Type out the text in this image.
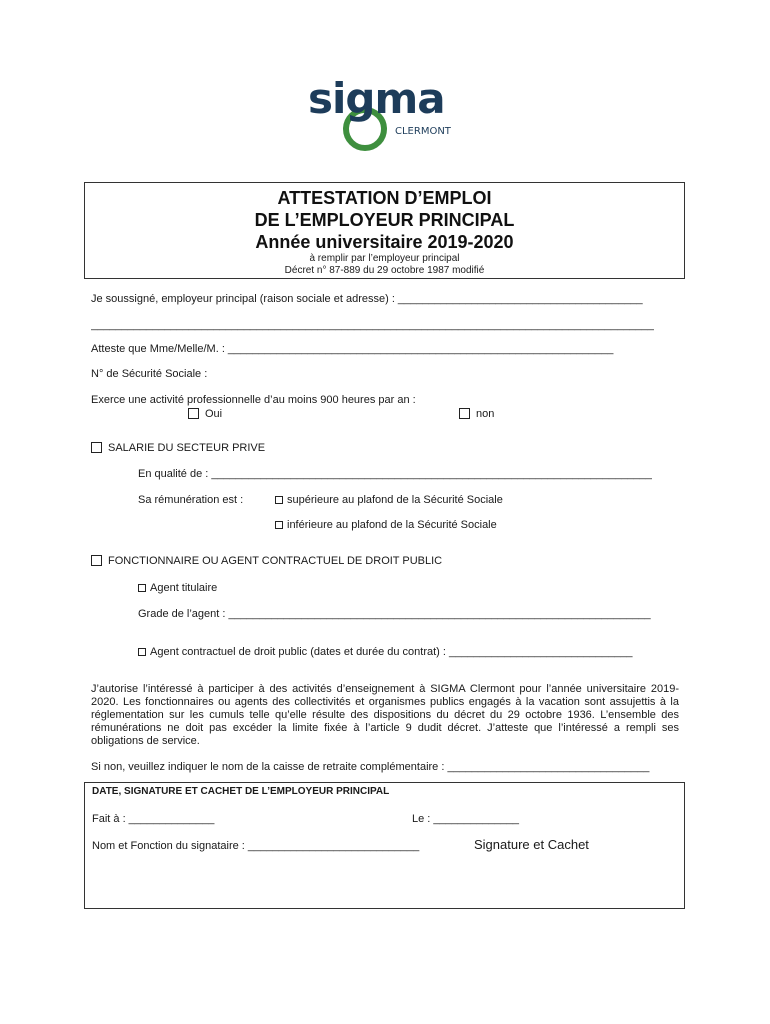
sigma
CLERMONT
ATTESTATION D’EMPLOI
DE L’EMPLOYEUR PRINCIPAL
Année universitaire 2019-2020
à remplir par l’employeur principal
Décret n° 87-889 du 29 octobre 1987 modifié
Je soussigné, employeur principal (raison sociale et adresse) : ________________________________________
____________________________________________________________________________________________
Atteste que Mme/Melle/M. : _______________________________________________________________
N° de Sécurité Sociale :
Exerce une activité professionnelle d’au moins 900 heures par an :
Oui	non
SALARIE DU SECTEUR PRIVE
En qualité de : ________________________________________________________________________
Sa rémunération est :	supérieure au plafond de la Sécurité Sociale
inférieure au plafond de la Sécurité Sociale
FONCTIONNAIRE OU AGENT CONTRACTUEL DE DROIT PUBLIC
Agent titulaire
Grade de l’agent : _____________________________________________________________________
Agent contractuel de droit public (dates et durée du contrat) : ______________________________
J’autorise l’intéressé à participer à des activités d’enseignement à SIGMA Clermont pour l’année universitaire 2019-2020. Les fonctionnaires ou agents des collectivités et organismes publics engagés à la vacation sont assujettis à la réglementation sur les cumuls telle qu’elle résulte des dispositions du décret du 29 octobre 1936. L’ensemble des rémunérations ne doit pas excéder la limite fixée à l’article 9 dudit décret. J’atteste que l’intéressé a rempli ses obligations de service.
Si non, veuillez indiquer le nom de la caisse de retraite complémentaire : _________________________________
DATE, SIGNATURE ET CACHET DE L’EMPLOYEUR PRINCIPAL
Fait à : ______________	Le : ______________
Nom et Fonction du signataire : ____________________________	Signature et Cachet
